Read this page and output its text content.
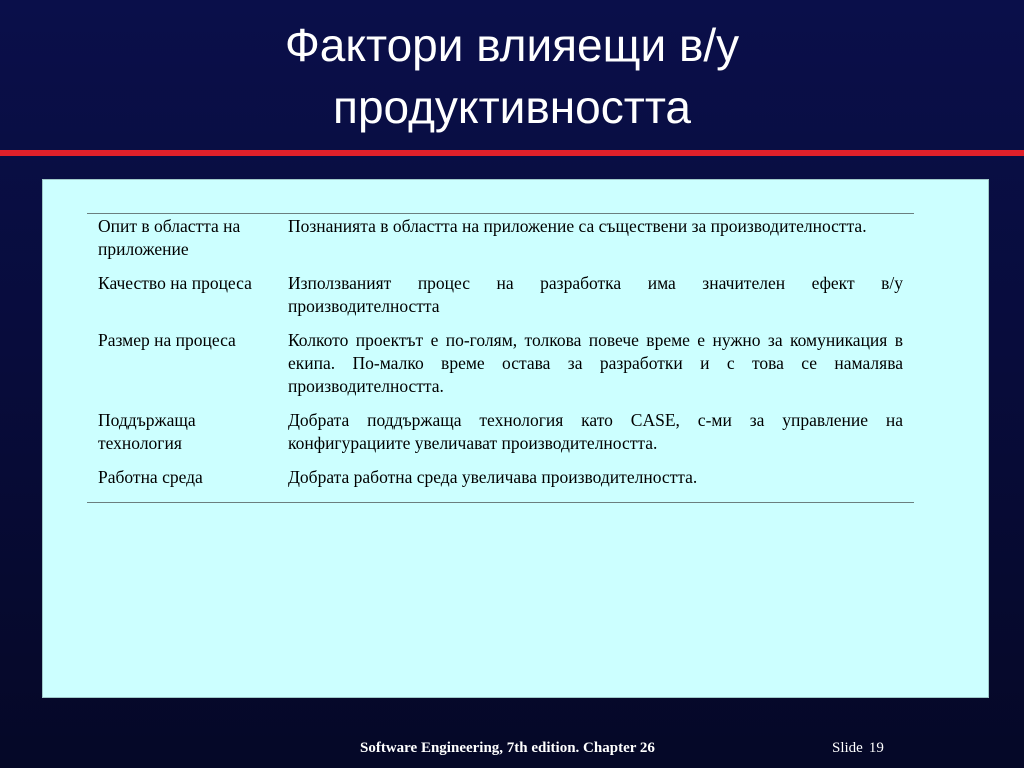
Фактори влияещи в/у
продуктивността
Опит в областта на приложение	Познанията в областта на приложение са съществени за производителността.
Качество на процеса	Използваният процес на разработка има значителен ефект в/у производителността
Размер на процеса	Колкото проектът е по-голям, толкова повече време е нужно за комуникация в екипа. По-малко време остава за разработки и с това се намалява производителността.
Поддържаща технология	Добрата поддържаща технология като CASE, с-ми за управление на конфигурациите увеличават производителността.
Работна среда	Добрата работна среда увеличава производителността.
Software Engineering, 7th edition. Chapter 26	Slide 19
